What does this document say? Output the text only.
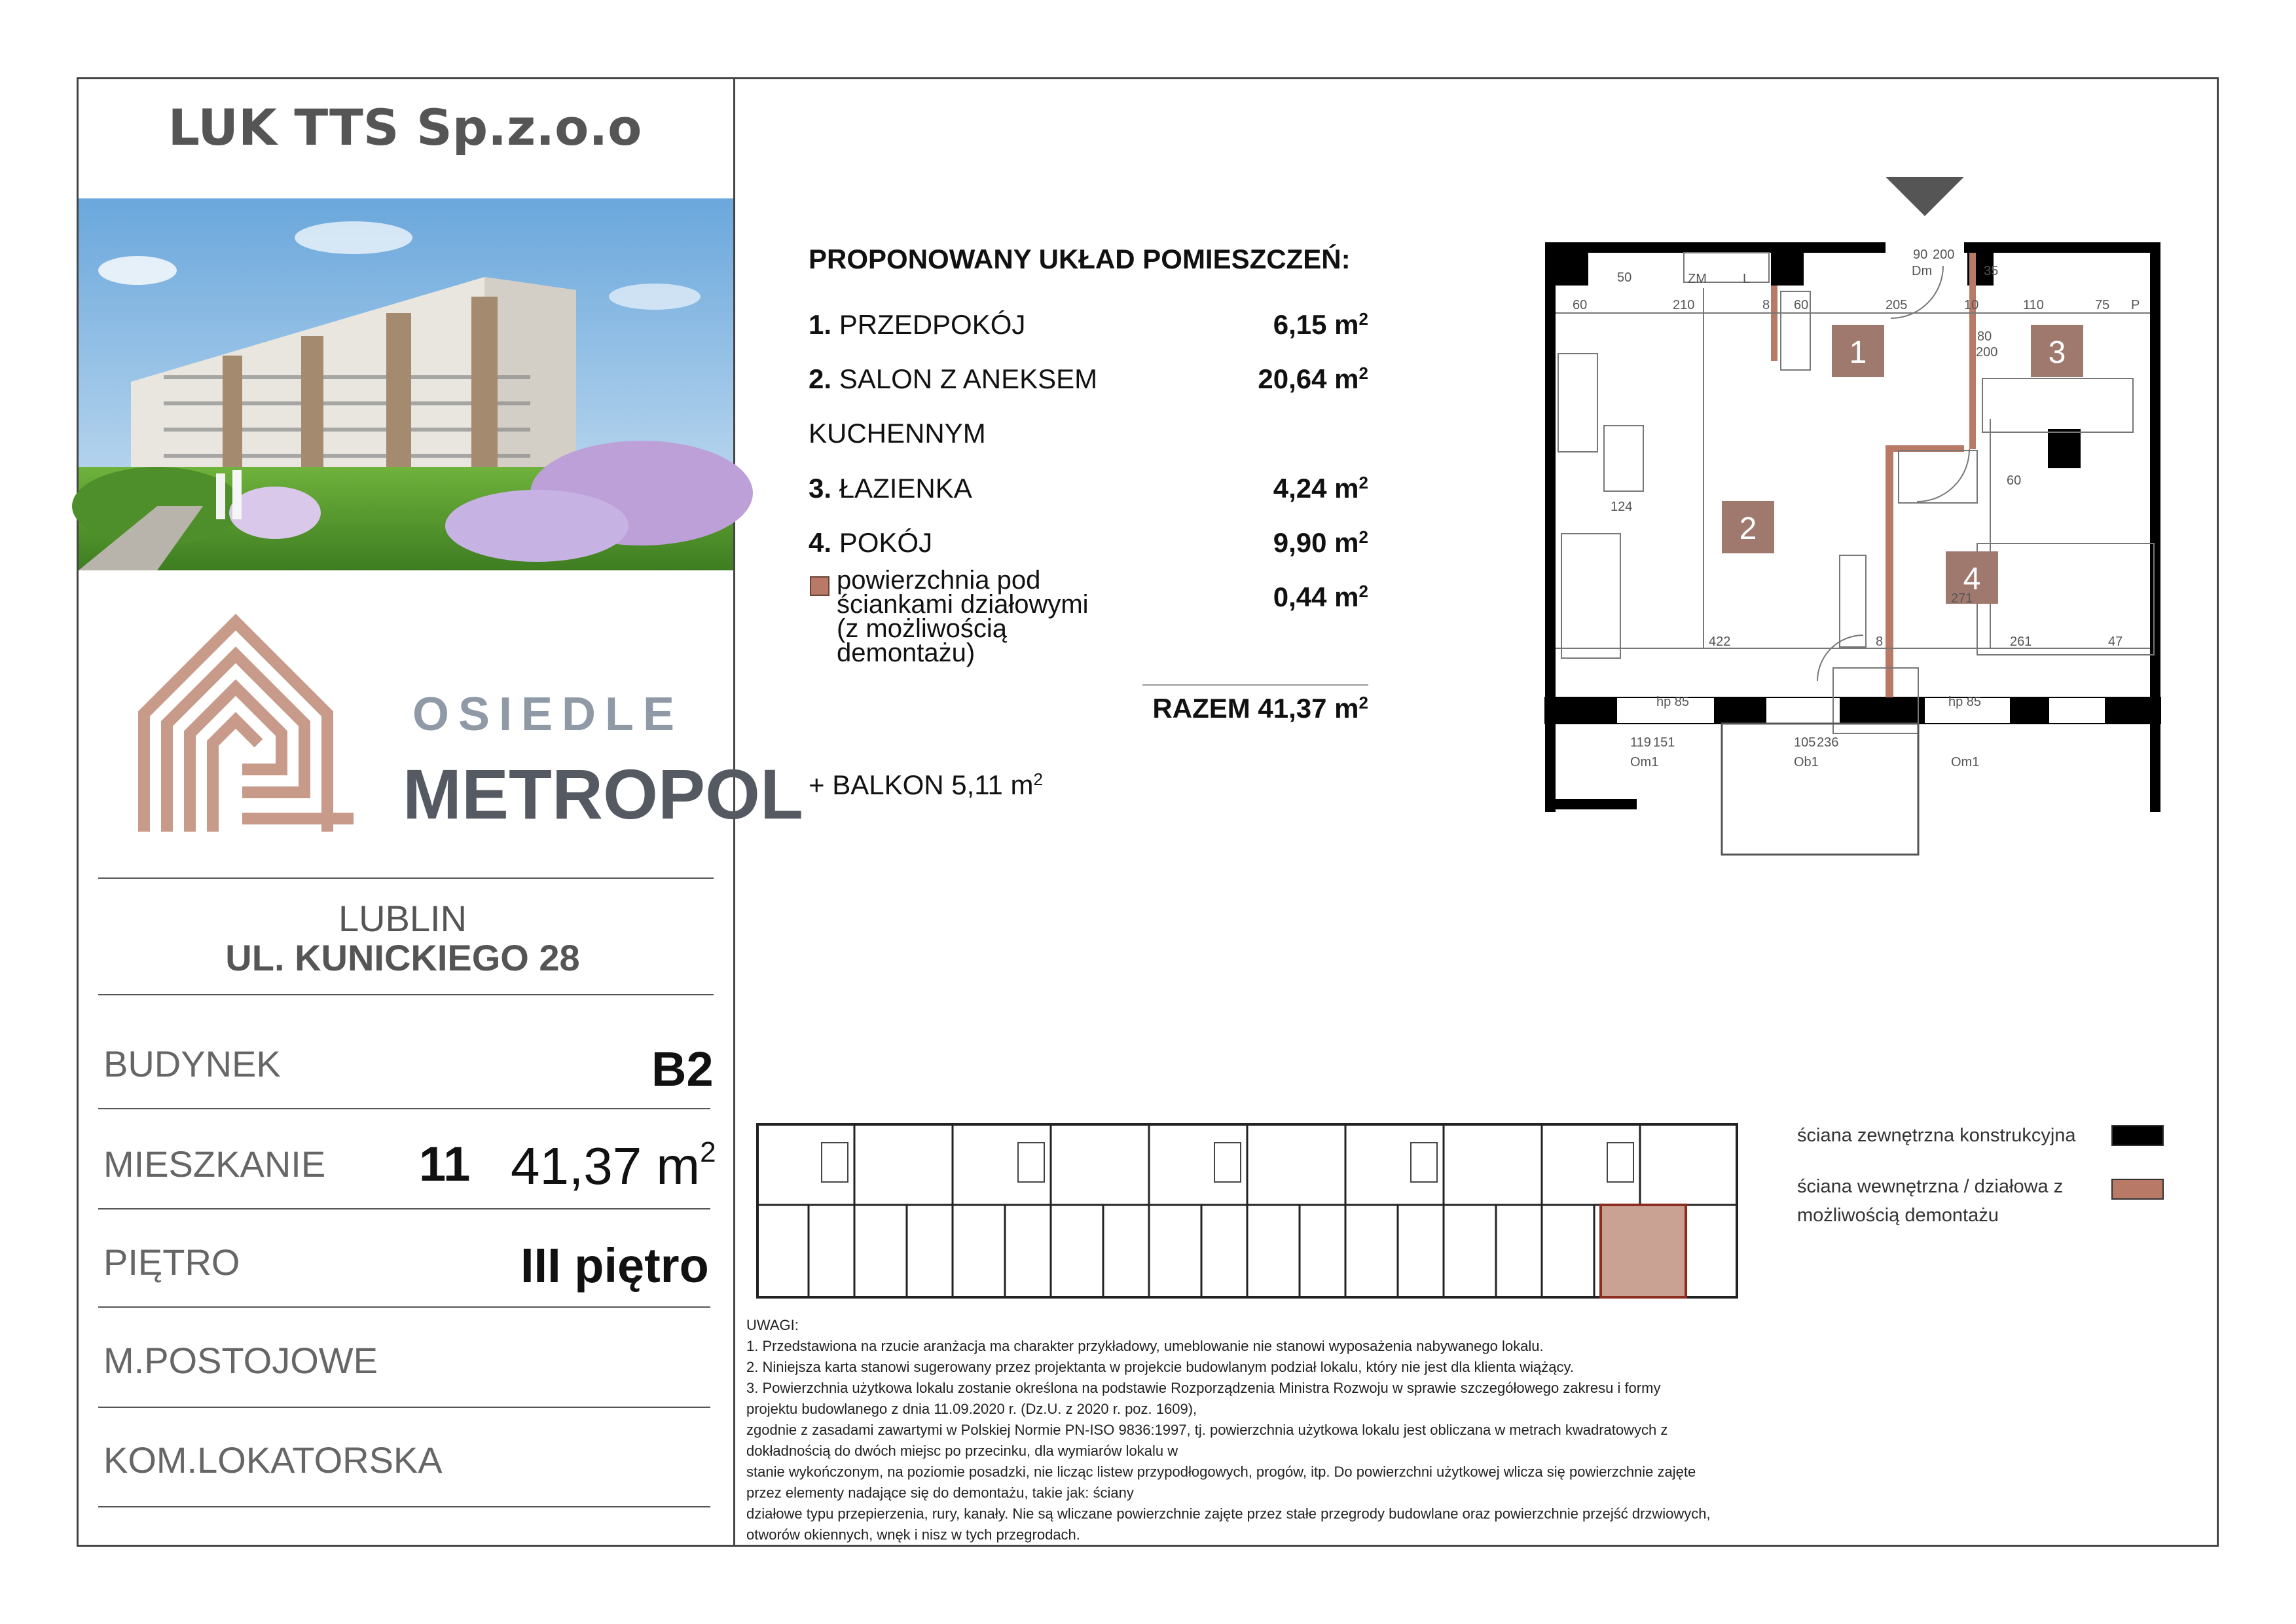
LUK TTS Sp.z.o.o
OSIEDLE
METROPOL
LUBLIN
UL. KUNICKIEGO 28
BUDYNEK	B2
MIESZKANIE 11 41,37 $m^2$
PIĘTRO	III piętro
M.POSTOJOWE
KOM.LOKATORSKA
PROPONOWANY UKŁAD POMIESZCZEŃ:
1. PRZEDPOKÓJ	6,15 $m^2$
2. SALON Z ANEKSEM	20,64 $m^2$
KUCHENNYM
3. ŁAZIENKA	4,24 $m^2$
4. POKÓJ	9,90 $m^2$
powierzchnia pod
ściankami działowymi
(z możliwością
demontażu)
0,44 $m^2$
RAZEM 41,37 $m^2$
+ BALKON 5,11 $m^2$
1
2
3
4
60	210	8 60	205	10	110	75
422	8	261	47
80
200
90 200
35
50
60
124
271
ZM	L
Dm
P
hp 85	hp 85
Om1	Ob1	Om1
119 151	105 236

UWAGI:

1. Przedstawiona na rzucie aranżacja ma charakter przykładowy, umeblowanie nie stanowi wyposażenia nabywanego lokalu.

2. Niniejsza karta stanowi sugerowany przez projektanta w projekcie budowlanym podział lokalu, który nie jest dla klienta wiążący.

3. Powierzchnia użytkowa lokalu zostanie określona na podstawie Rozporządzenia Ministra Rozwoju w sprawie szczegółowego zakresu i formy

projektu budowlanego z dnia 11.09.2020 r. (Dz.U. z 2020 r. poz. 1609),

zgodnie z zasadami zawartymi w Polskiej Normie PN-ISO 9836:1997, tj. powierzchnia użytkowa lokalu jest obliczana w metrach kwadratowych z

dokładnością do dwóch miejsc po przecinku, dla wymiarów lokalu w

stanie wykończonym, na poziomie posadzki, nie licząc listew przypodłogowych, progów, itp. Do powierzchni użytkowej wlicza się powierzchnie zajęte

przez elementy nadające się do demontażu, takie jak: ściany

działowe typu przepierzenia, rury, kanały. Nie są wliczane powierzchnie zajęte przez stałe przegrody budowlane oraz powierzchnie przejść drzwiowych,

otworów okiennych, wnęk i nisz w tych przegrodach.

ściana zewnętrzna konstrukcyjna
ściana wewnętrzna / działowa z
możliwością demontażu
